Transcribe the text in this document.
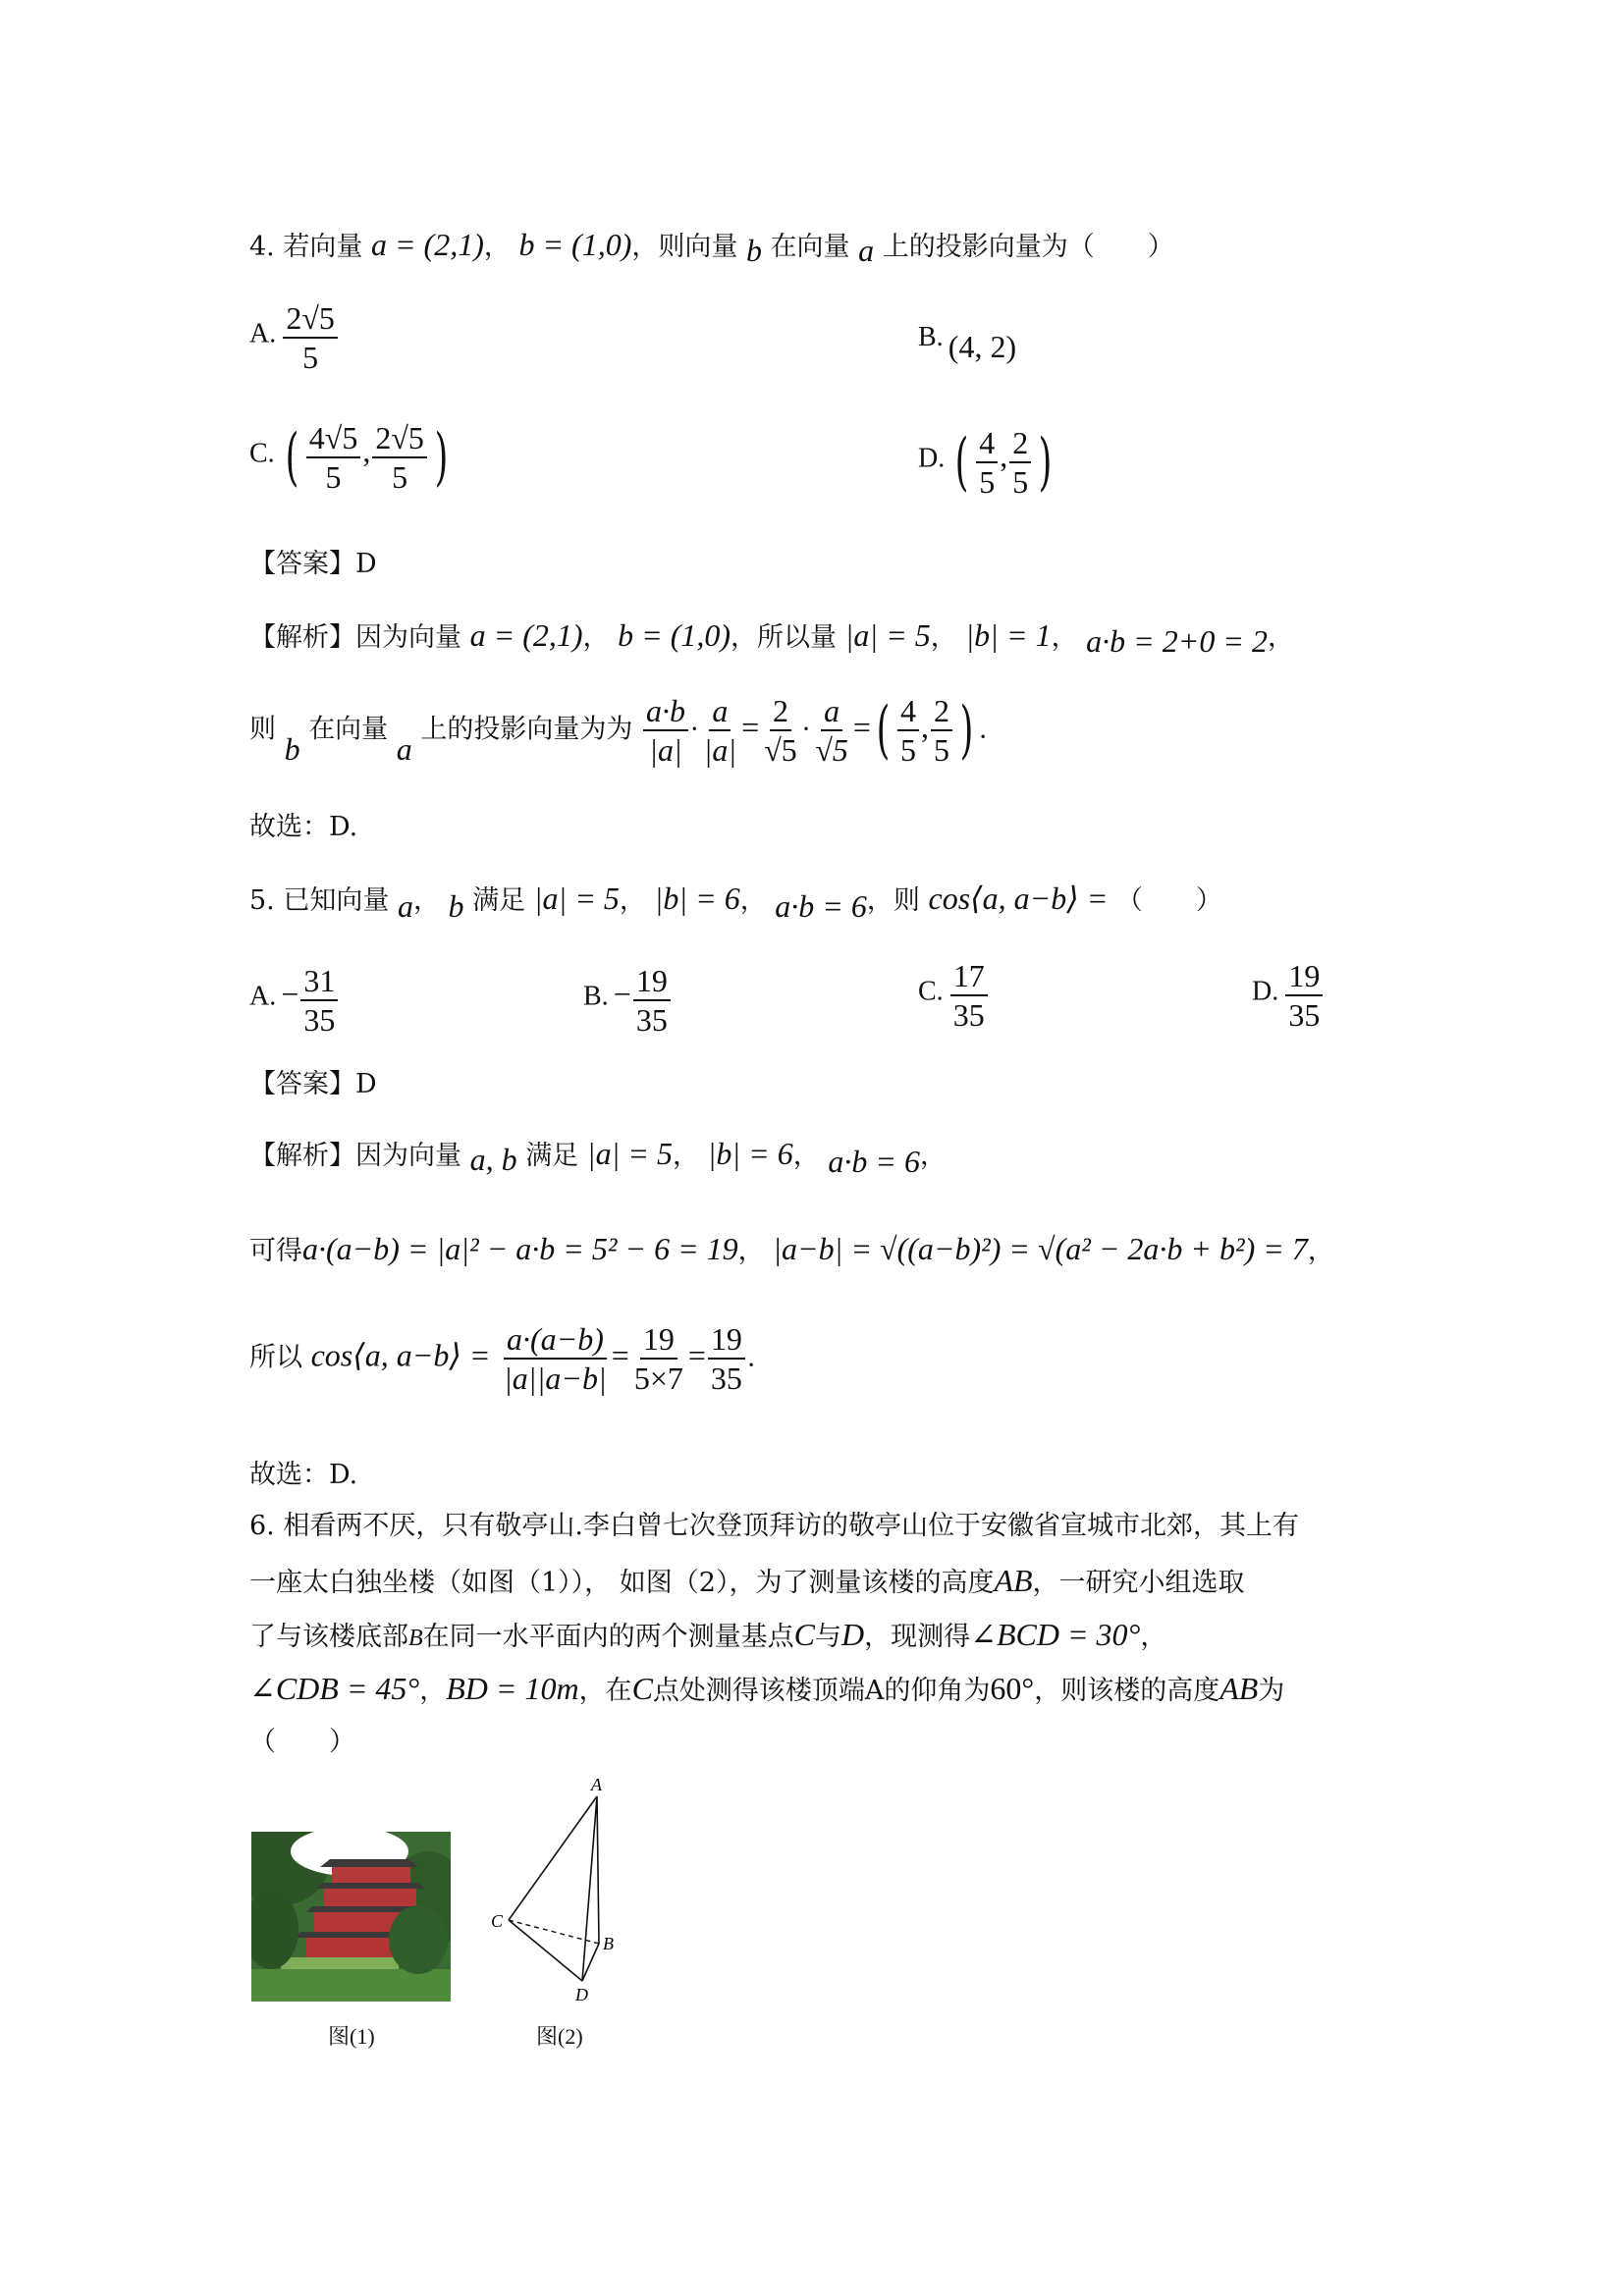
4. 若向量 a = (2,1)， b = (1,0)，则向量 b 在向量 a 上的投影向量为（　　）
A. $\frac{2√5}{5}$	B. (4, 2)
C. ( $\frac{4√5}{5}$ , $\frac{2√5}{5}$ )	D. ( $\frac{4}{5}$ , $\frac{2}{5}$ )
【答案】D
【解析】因为向量 a = (2,1)， b = (1,0)，所以量 |a| = 5， |b| = 1， a·b = 2+0 = 2，
则 b 在向量 a 上的投影向量为为 $\frac{a\cdot b}{|a|} \cdot \frac{a}{|a|} = \frac{2}{√5} \cdot \frac{a}{√5}$ =( $\frac{4}{5}$ , $\frac{2}{5}$ ) .
故选：D.
5. 已知向量 a， b 满足 |a| = 5， |b| = 6， a·b = 6，则 cos⟨a, a−b⟩ = （　　）
A. − $\frac{31}{35}$	B. − $\frac{19}{35}$	C. $\frac{17}{35}$	D. $\frac{19}{35}$
【答案】D
【解析】因为向量 a, b 满足 |a| = 5， |b| = 6， a·b = 6，
可得a·(a−b) = |a|² − a·b = 5² − 6 = 19， |a−b| = √((a−b)²) = √(a² − 2a·b + b²) = 7，
所以 cos⟨a, a−b⟩ = $\frac{a\cdot(a-b)}{|a||a-b|} = \frac{19}{5\times 7} = \frac{19}{35}$ .
故选：D.
6. 相看两不厌，只有敬亭山.李白曾七次登顶拜访的敬亭山位于安徽省宣城市北郊，其上有
一座太白独坐楼（如图（1））， 如图（2），为了测量该楼的高度AB，一研究小组选取
了与该楼底部B在同一水平面内的两个测量基点C与D，现测得∠BCD = 30°，
∠CDB = 45°，BD = 10m，在C点处测得该楼顶端A的仰角为60°，则该楼的高度AB为
（　　）
图(1)
A
C
B
D
图(2)
